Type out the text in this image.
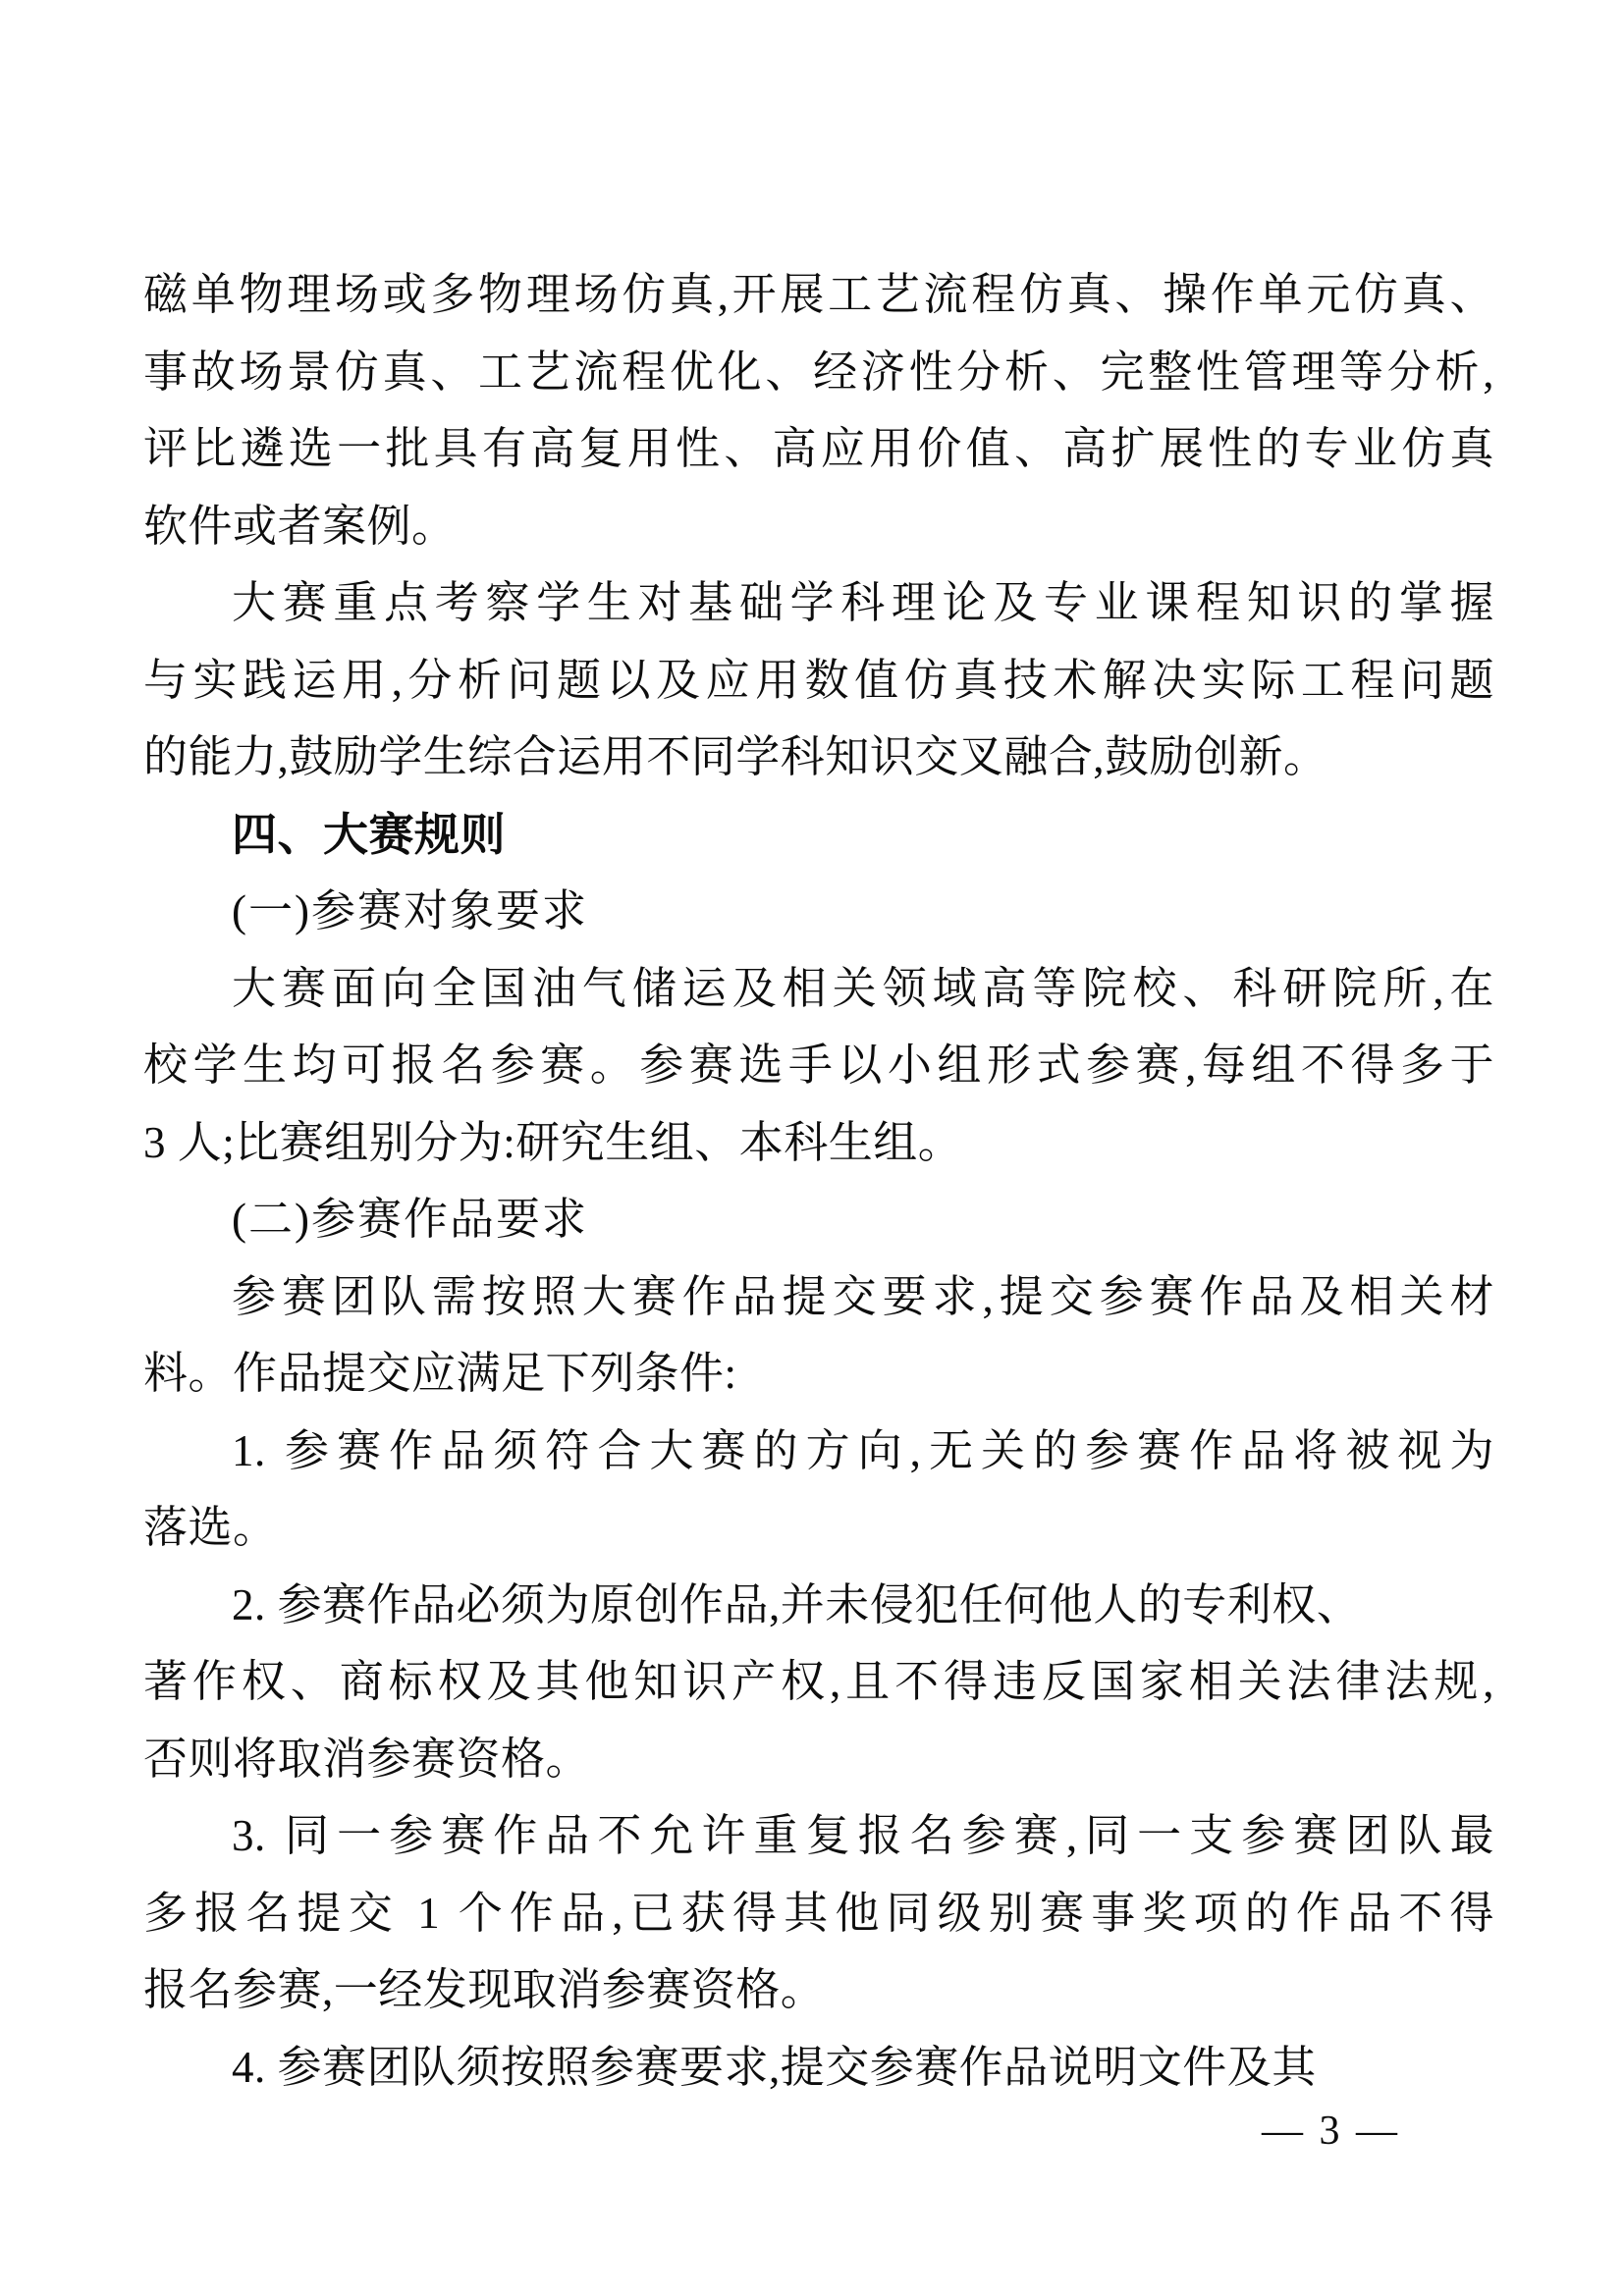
磁单物理场或多物理场仿真,开展工艺流程仿真、操作单元仿真、
事故场景仿真、工艺流程优化、经济性分析、完整性管理等分析,
评比遴选一批具有高复用性、高应用价值、高扩展性的专业仿真
软件或者案例。
大赛重点考察学生对基础学科理论及专业课程知识的掌握
与实践运用,分析问题以及应用数值仿真技术解决实际工程问题
的能力,鼓励学生综合运用不同学科知识交叉融合,鼓励创新。
四、大赛规则
(一)参赛对象要求
大赛面向全国油气储运及相关领域高等院校、科研院所,在
校学生均可报名参赛。参赛选手以小组形式参赛,每组不得多于
3 人;比赛组别分为:研究生组、本科生组。
(二)参赛作品要求
参赛团队需按照大赛作品提交要求,提交参赛作品及相关材
料。作品提交应满足下列条件:
1. 参赛作品须符合大赛的方向,无关的参赛作品将被视为
落选。
2. 参赛作品必须为原创作品,并未侵犯任何他人的专利权、
著作权、商标权及其他知识产权,且不得违反国家相关法律法规,
否则将取消参赛资格。
3. 同一参赛作品不允许重复报名参赛,同一支参赛团队最
多报名提交 1 个作品,已获得其他同级别赛事奖项的作品不得
报名参赛,一经发现取消参赛资格。
4. 参赛团队须按照参赛要求,提交参赛作品说明文件及其
— 3 —
